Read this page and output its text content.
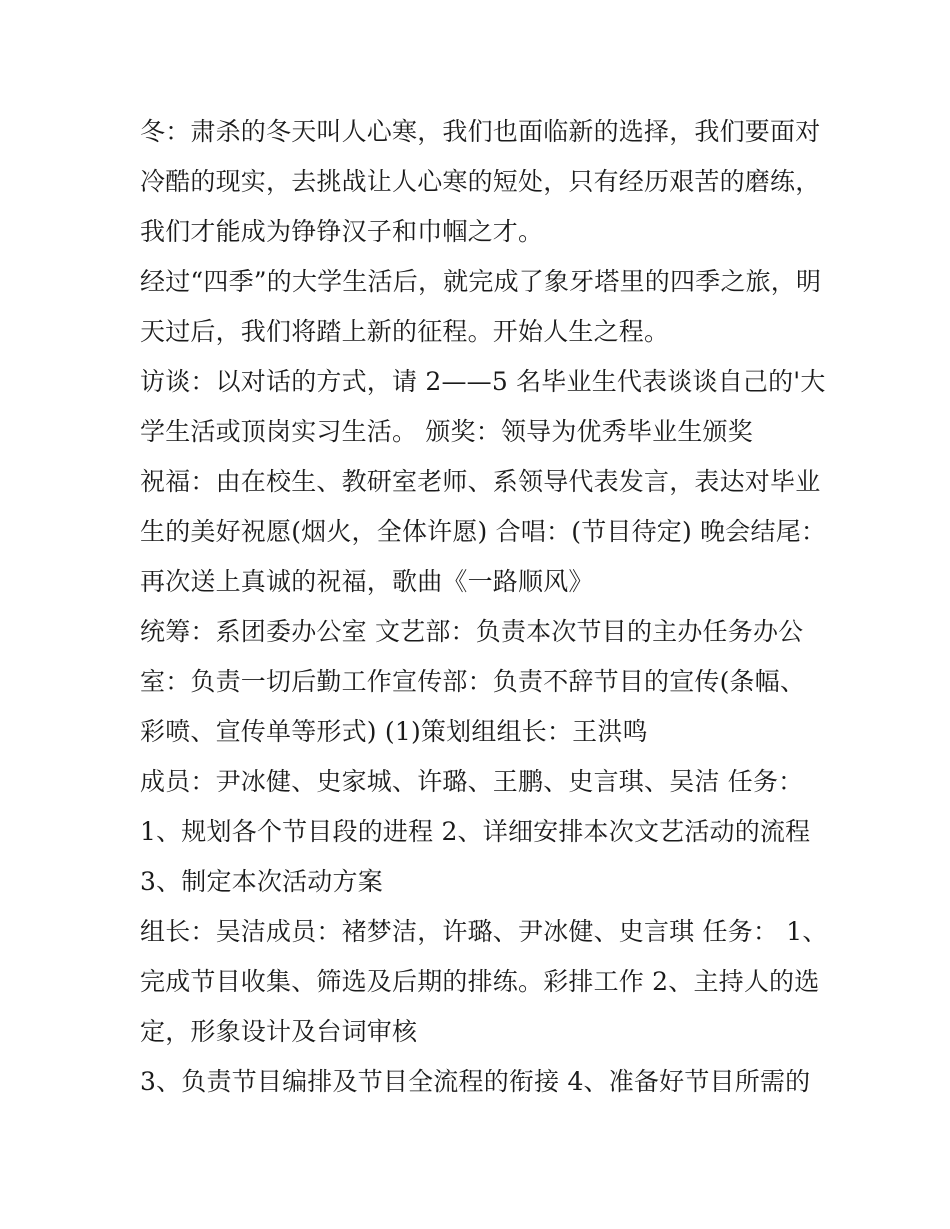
冬：肃杀的冬天叫人心寒，我们也面临新的选择，我们要面对
冷酷的现实，去挑战让人心寒的短处，只有经历艰苦的磨练，
我们才能成为铮铮汉子和巾帼之才。
经过“四季”的大学生活后，就完成了象牙塔里的四季之旅，明
天过后，我们将踏上新的征程。开始人生之程。
访谈：以对话的方式，请 2——5 名毕业生代表谈谈自己的'大
学生活或顶岗实习生活。 颁奖：领导为优秀毕业生颁奖
祝福：由在校生、教研室老师、系领导代表发言，表达对毕业
生的美好祝愿(烟火，全体许愿) 合唱：(节目待定) 晚会结尾：
再次送上真诚的祝福，歌曲《一路顺风》
统筹：系团委办公室 文艺部：负责本次节目的主办任务办公
室：负责一切后勤工作宣传部：负责不辞节目的宣传(条幅、
彩喷、宣传单等形式) (1)策划组组长：王洪鸣
成员：尹冰健、史家城、许璐、王鹏、史言琪、吴洁 任务：
1、规划各个节目段的进程 2、详细安排本次文艺活动的流程
3、制定本次活动方案
组长：吴洁成员：褚梦洁，许璐、尹冰健、史言琪 任务： 1、
完成节目收集、筛选及后期的排练。彩排工作 2、主持人的选
定，形象设计及台词审核
3、负责节目编排及节目全流程的衔接 4、准备好节目所需的
